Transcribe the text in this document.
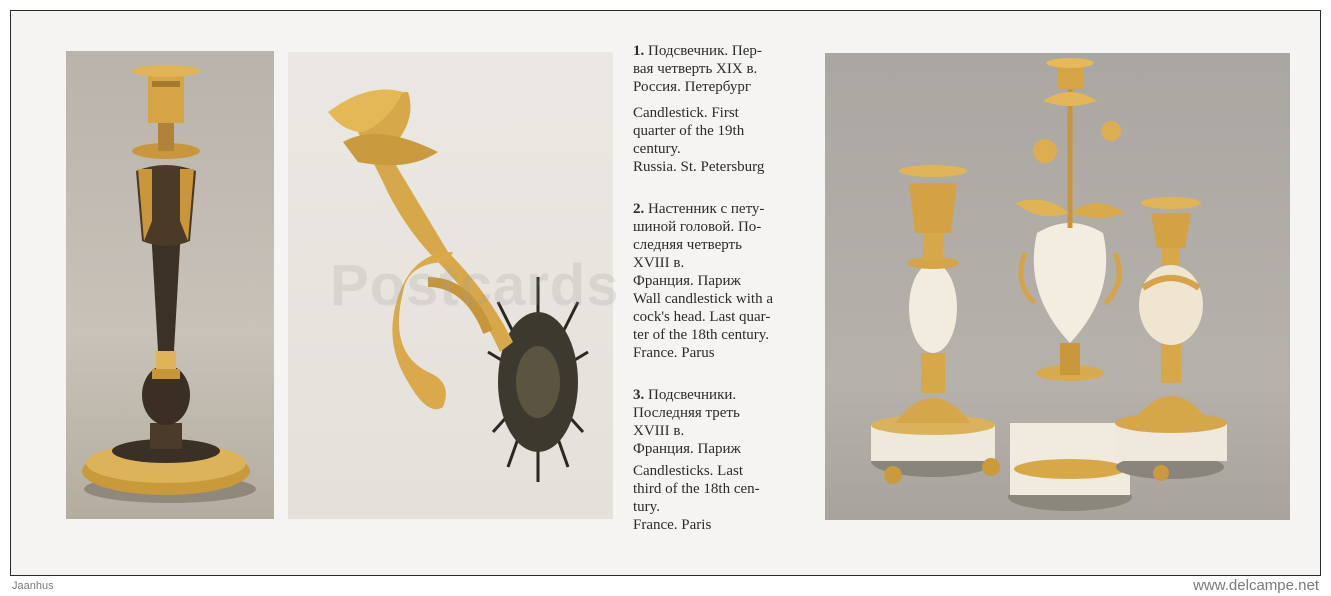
Postcards
1. Подсвечник. Пер-
вая четверть XIX в.
Россия. Петербург
Candlestick. First
quarter of the 19th
century.
Russia. St. Petersburg
2. Настенник с пету-
шиной головой. По-
следняя четверть
XVIII в.
Франция. Париж
Wall candlestick with a
cock's head. Last quar-
ter of the 18th century.
France. Parus
3. Подсвечники.
Последняя треть
XVIII в.
Франция. Париж
Candlesticks. Last
third of the 18th cen-
tury.
France. Paris
Jaanhus	www.delcampe.net
